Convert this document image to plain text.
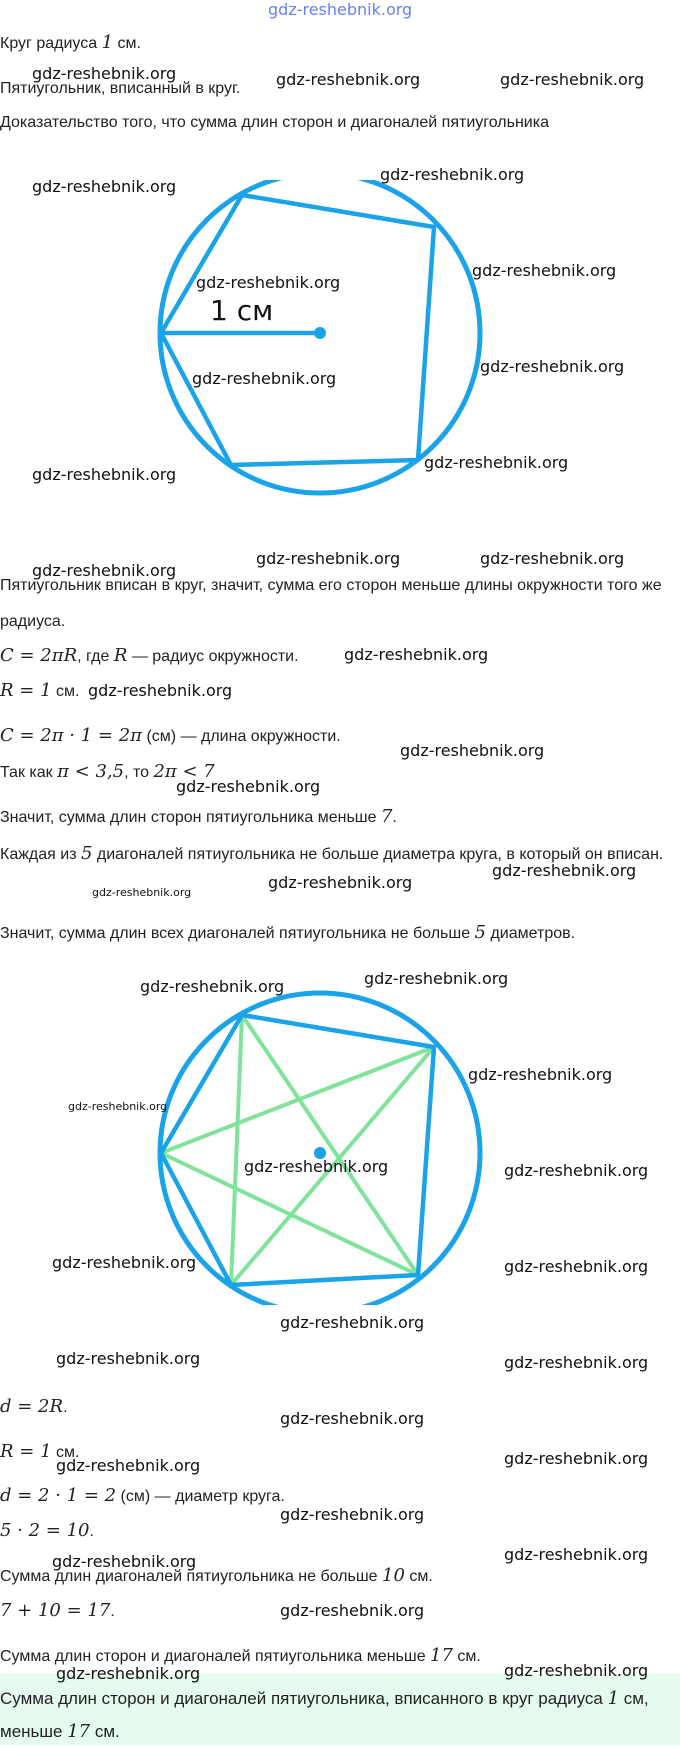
gdz-reshebnik.org
Круг радиуса 1 см.
Пятиугольник, вписанный в круг.
Доказательство того, что сумма длин сторон и диагоналей пятиугольника
1 см
Пятиугольник вписан в круг, значит, сумма его сторон меньше длины окружности того же радиуса.
C = 2πR, где R — радиус окружности.
R = 1 см.
C = 2π · 1 = 2π (см) — длина окружности.
Так как π < 3,5, то 2π < 7
Значит, сумма длин сторон пятиугольника меньше 7.
Каждая из 5 диагоналей пятиугольника не больше диаметра круга, в который он вписан.
Значит, сумма длин всех диагоналей пятиугольника не больше 5 диаметров.
d = 2R.
R = 1 см.
d = 2 · 1 = 2 (см) — диаметр круга.
5 · 2 = 10.
Сумма длин диагоналей пятиугольника не больше 10 см.
7 + 10 = 17.
Сумма длин сторон и диагоналей пятиугольника меньше 17 см.
Сумма длин сторон и диагоналей пятиугольника, вписанного в круг радиуса 1 см, меньше 17 см.
gdz-reshebnik.org	gdz-reshebnik.org	gdz-reshebnik.org
gdz-reshebnik.org
gdz-reshebnik.org
gdz-reshebnik.org
gdz-reshebnik.org
gdz-reshebnik.org
gdz-reshebnik.org
gdz-reshebnik.org
gdz-reshebnik.org
gdz-reshebnik.org	gdz-reshebnik.org
gdz-reshebnik.org
gdz-reshebnik.org
gdz-reshebnik.org
gdz-reshebnik.org
gdz-reshebnik.org
gdz-reshebnik.org
gdz-reshebnik.org
gdz-reshebnik.org
gdz-reshebnik.org
gdz-reshebnik.org
gdz-reshebnik.org
gdz-reshebnik.org
gdz-reshebnik.org	gdz-reshebnik.org
gdz-reshebnik.org	gdz-reshebnik.org
gdz-reshebnik.org
gdz-reshebnik.org	gdz-reshebnik.org
gdz-reshebnik.org
gdz-reshebnik.org	gdz-reshebnik.org
gdz-reshebnik.org
gdz-reshebnik.org	gdz-reshebnik.org
gdz-reshebnik.org
gdz-reshebnik.org	gdz-reshebnik.org
